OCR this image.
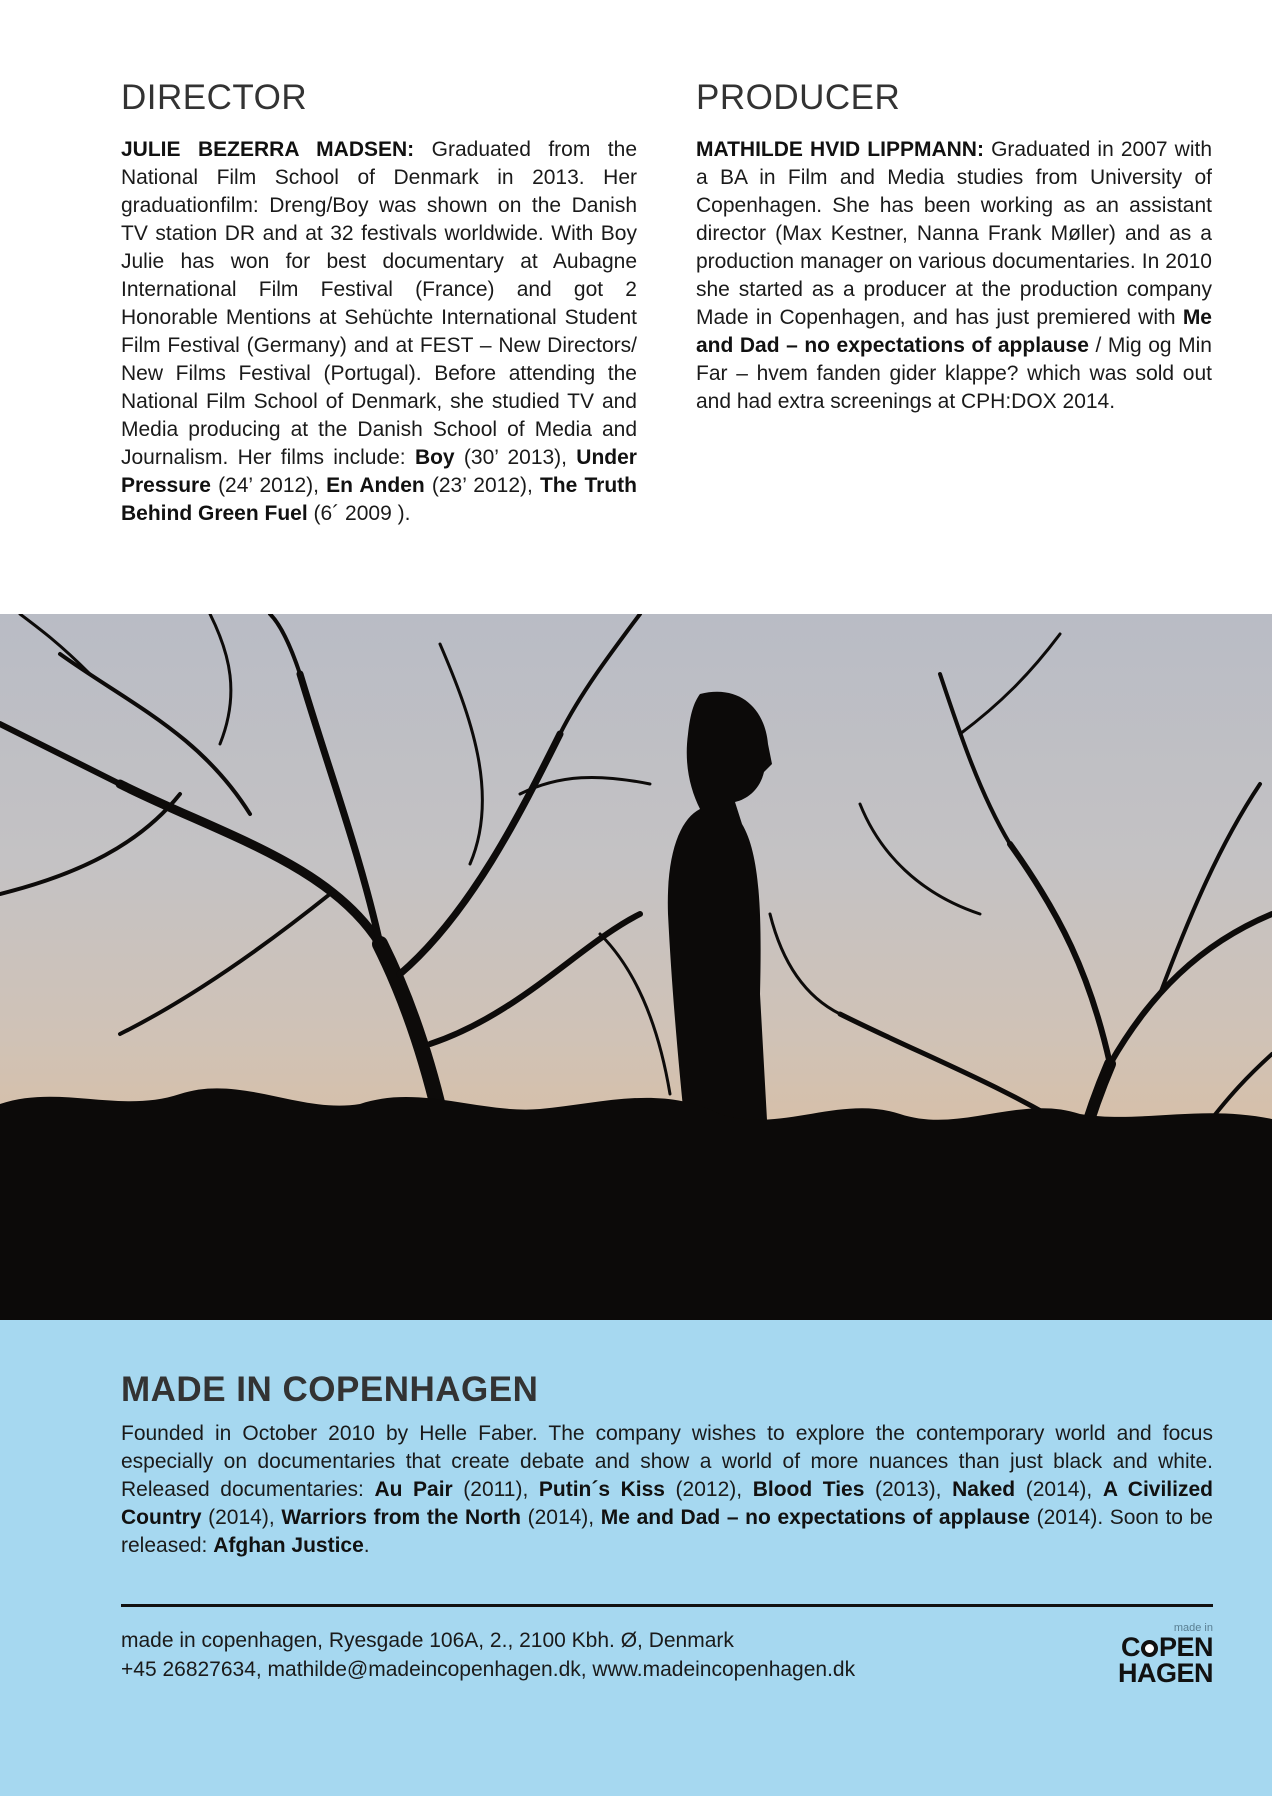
DIRECTOR

JULIE BEZERRA MADSEN: Graduated from the National Film School of Denmark in 2013. Her graduationfilm: Dreng/Boy was shown on the Danish TV station DR and at 32 festivals worldwide. With Boy Julie has won for best documentary at Aubagne International Film Festival (France) and got 2 Honorable Mentions at Sehüchte International Student Film Festival (Germany) and at FEST – New Directors/ New Films Festival (Portugal). Before attending the National Film School of Denmark, she studied TV and Media producing at the Danish School of Media and Journalism. Her films include: Boy (30’ 2013), Under Pressure (24’ 2012), En Anden (23’ 2012), The Truth Behind Green Fuel (6´ 2009 ).

PRODUCER

MATHILDE HVID LIPPMANN: Graduated in 2007 with a BA in Film and Media studies from University of Copenhagen. She has been working as an assistant director (Max Kestner, Nanna Frank Møller) and as a production manager on various documentaries. In 2010 she started as a producer at the production company Made in Copenhagen, and has just premiered with Me and Dad – no expectations of applause / Mig og Min Far – hvem fanden gider klappe? which was sold out and had extra screenings at CPH:DOX 2014.

MADE IN COPENHAGEN

Founded in October 2010 by Helle Faber. The company wishes to explore the contemporary world and focus especially on documentaries that create debate and show a world of more nuances than just black and white. Released documentaries: Au Pair (2011), Putin´s Kiss (2012), Blood Ties (2013), Naked (2014), A Civilized Country (2014), Warriors from the North (2014), Me and Dad – no expectations of applause (2014). Soon to be released: Afghan Justice.

made in copenhagen, Ryesgade 106A, 2., 2100 Kbh. Ø, Denmark
+45 26827634, mathilde@madeincopenhagen.dk, www.madeincopenhagen.dk

made in
C PEN
HAGEN
